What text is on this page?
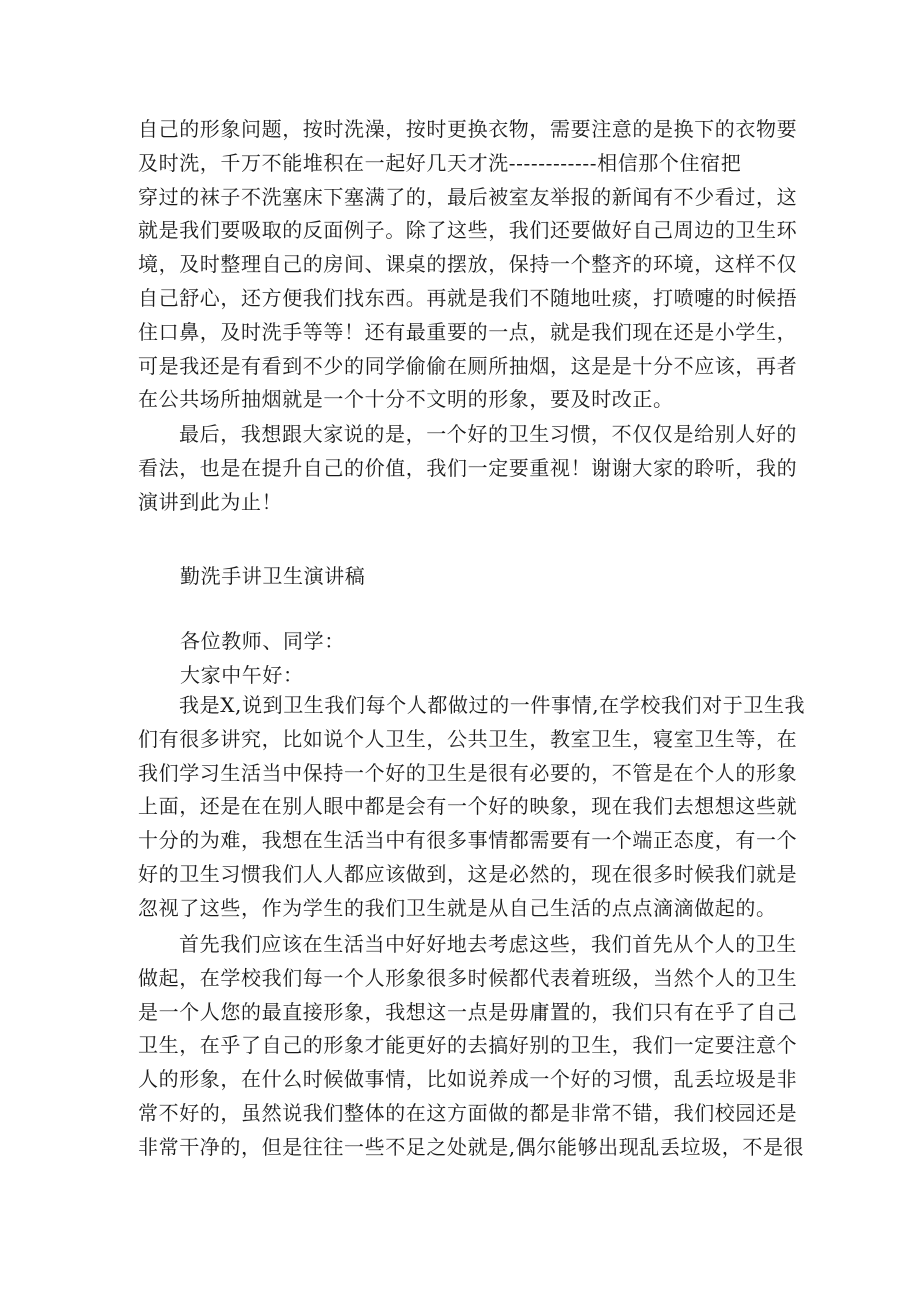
自己的形象问题，按时洗澡，按时更换衣物，需要注意的是换下的衣物要
及时洗，千万不能堆积在一起好几天才洗------------相信那个住宿把
穿过的袜子不洗塞床下塞满了的，最后被室友举报的新闻有不少看过，这
就是我们要吸取的反面例子。除了这些，我们还要做好自己周边的卫生环
境，及时整理自己的房间、课桌的摆放，保持一个整齐的环境，这样不仅
自己舒心，还方便我们找东西。再就是我们不随地吐痰，打喷嚏的时候捂
住口鼻，及时洗手等等！还有最重要的一点，就是我们现在还是小学生，
可是我还是有看到不少的同学偷偷在厕所抽烟，这是是十分不应该，再者
在公共场所抽烟就是一个十分不文明的形象，要及时改正。
最后，我想跟大家说的是，一个好的卫生习惯，不仅仅是给别人好的
看法，也是在提升自己的价值，我们一定要重视！谢谢大家的聆听，我的
演讲到此为止！
勤洗手讲卫生演讲稿
各位教师、同学：
大家中午好：
我是X,说到卫生我们每个人都做过的一件事情,在学校我们对于卫生我
们有很多讲究，比如说个人卫生，公共卫生，教室卫生，寝室卫生等，在
我们学习生活当中保持一个好的卫生是很有必要的，不管是在个人的形象
上面，还是在在别人眼中都是会有一个好的映象，现在我们去想想这些就
十分的为难，我想在生活当中有很多事情都需要有一个端正态度，有一个
好的卫生习惯我们人人都应该做到，这是必然的，现在很多时候我们就是
忽视了这些，作为学生的我们卫生就是从自己生活的点点滴滴做起的。
首先我们应该在生活当中好好地去考虑这些，我们首先从个人的卫生
做起，在学校我们每一个人形象很多时候都代表着班级，当然个人的卫生
是一个人您的最直接形象，我想这一点是毋庸置的，我们只有在乎了自己
卫生，在乎了自己的形象才能更好的去搞好别的卫生，我们一定要注意个
人的形象，在什么时候做事情，比如说养成一个好的习惯，乱丢垃圾是非
常不好的，虽然说我们整体的在这方面做的都是非常不错，我们校园还是
非常干净的，但是往往一些不足之处就是,偶尔能够出现乱丢垃圾，不是很
